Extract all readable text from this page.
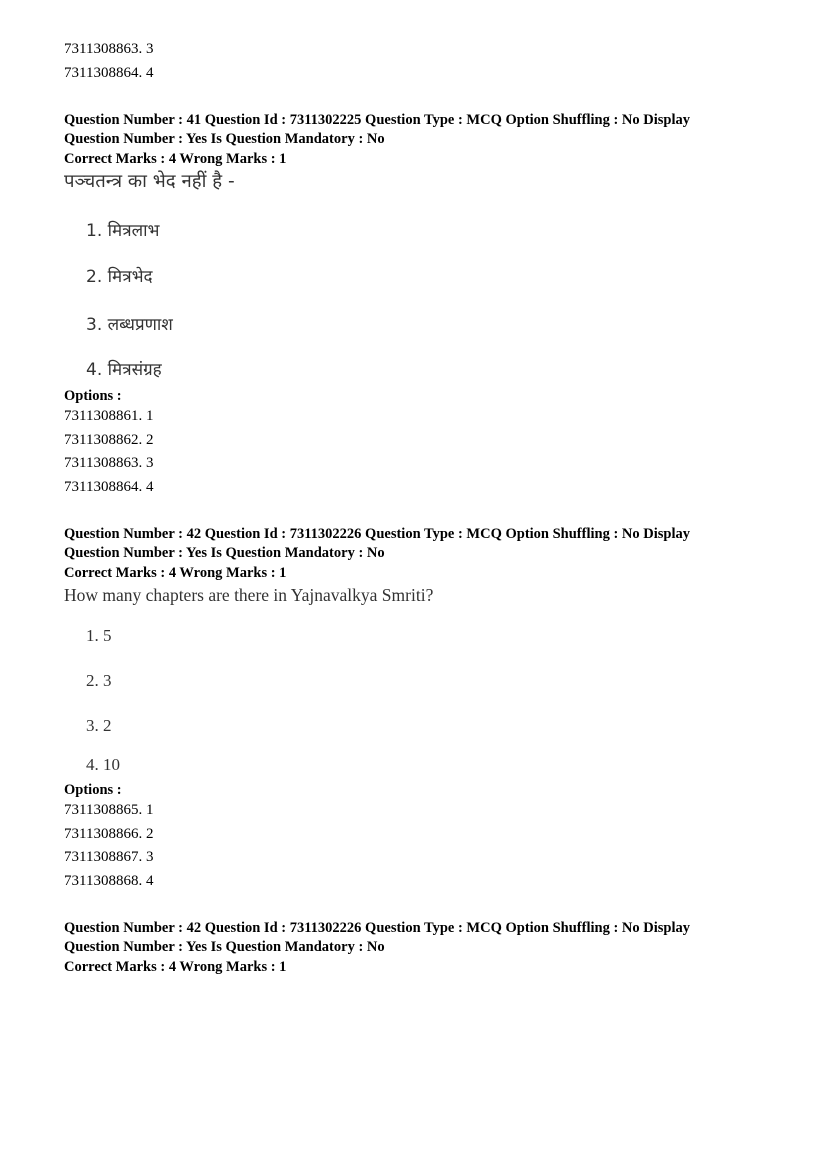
7311308863. 3
7311308864. 4
Question Number : 41 Question Id : 7311302225 Question Type : MCQ Option Shuffling : No Display
Question Number : Yes Is Question Mandatory : No
Correct Marks : 4 Wrong Marks : 1
पञ्चतन्त्र का भेद नहीं है -
1. मित्रलाभ
2. मित्रभेद
3. लब्धप्रणाश
4. मित्रसंग्रह
Options :
7311308861. 1
7311308862. 2
7311308863. 3
7311308864. 4
Question Number : 42 Question Id : 7311302226 Question Type : MCQ Option Shuffling : No Display
Question Number : Yes Is Question Mandatory : No
Correct Marks : 4 Wrong Marks : 1
How many chapters are there in Yajnavalkya Smriti?
1. 5
2. 3
3. 2
4. 10
Options :
7311308865. 1
7311308866. 2
7311308867. 3
7311308868. 4
Question Number : 42 Question Id : 7311302226 Question Type : MCQ Option Shuffling : No Display
Question Number : Yes Is Question Mandatory : No
Correct Marks : 4 Wrong Marks : 1
